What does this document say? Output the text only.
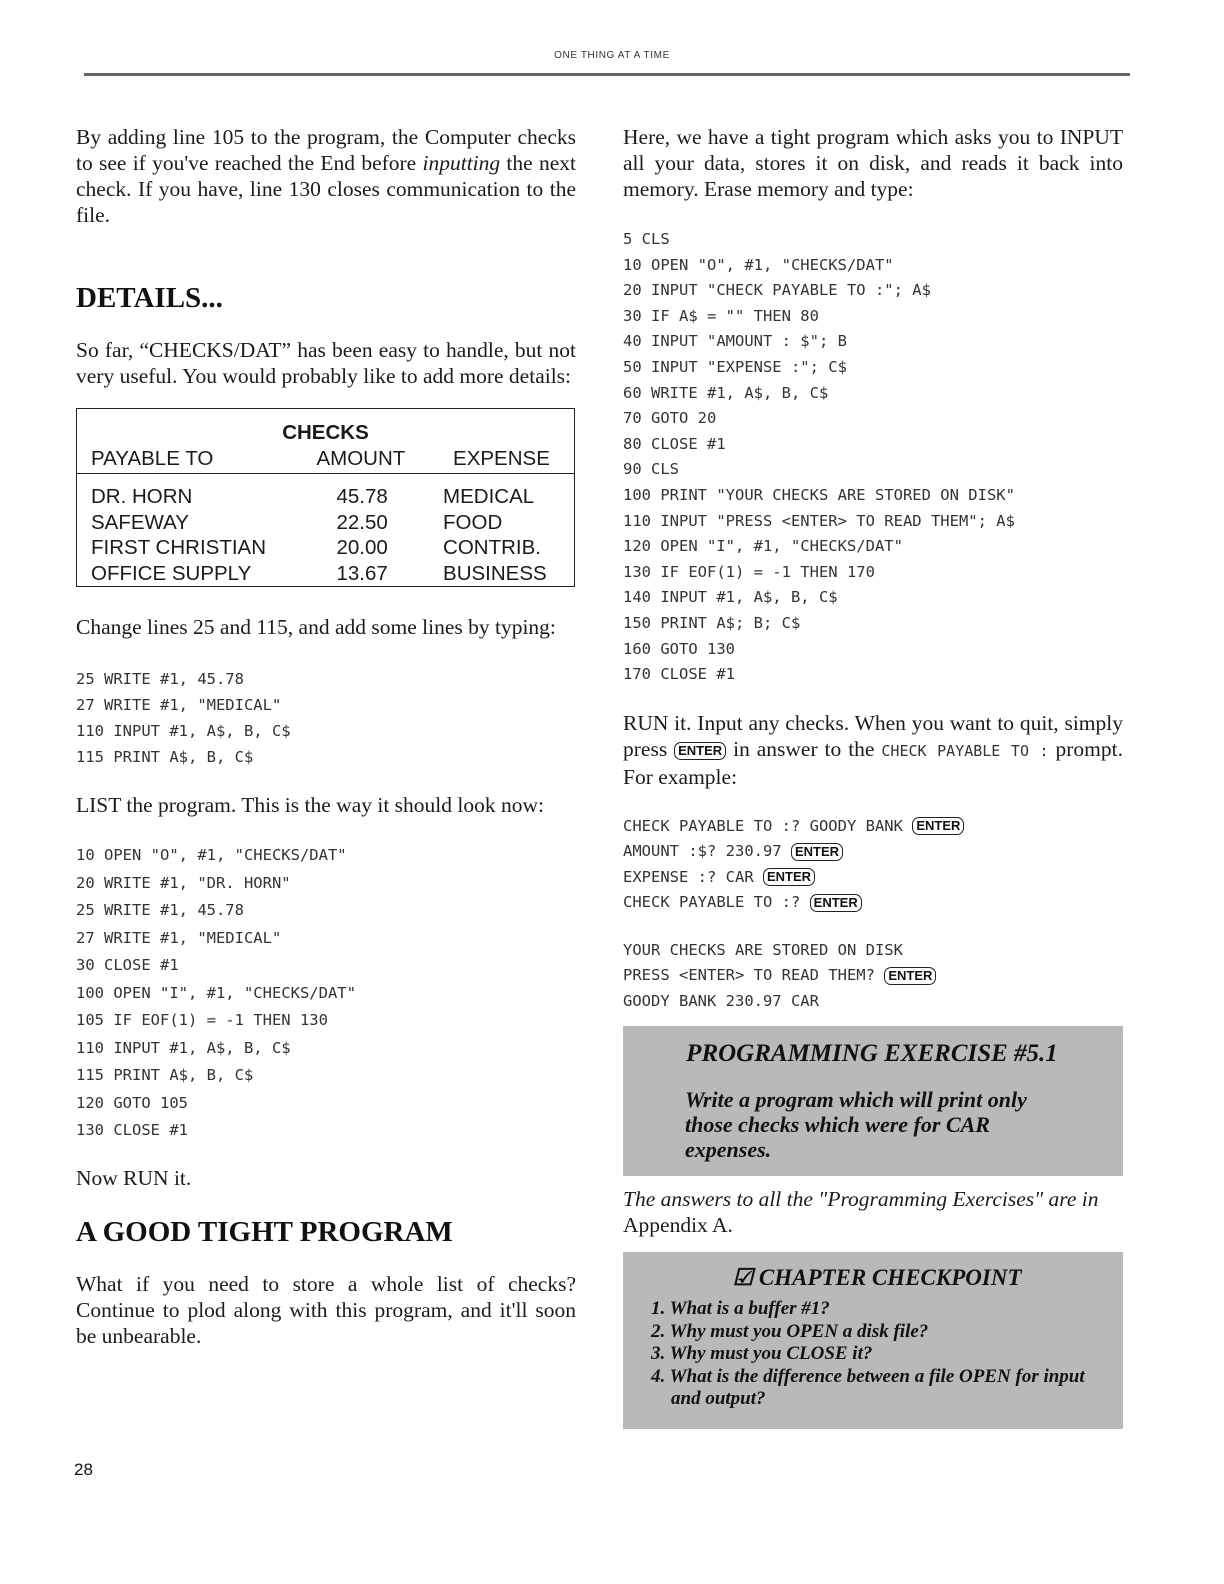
ONE THING AT A TIME

By adding line 105 to the program, the Computer checks to see if you've reached the End before inputting the next check. If you have, line 130 closes communication to the file.

DETAILS...

So far, “CHECKS/DAT” has been easy to handle, but not very useful. You would probably like to add more details:

CHECKS		
PAYABLE TO	AMOUNT	EXPENSE
DR. HORN	45.78	MEDICAL
SAFEWAY	22.50	FOOD
FIRST CHRISTIAN	20.00	CONTRIB.
OFFICE SUPPLY	13.67	BUSINESS

Change lines 25 and 115, and add some lines by typing:

25 WRITE #1, 45.78
27 WRITE #1, "MEDICAL"
110 INPUT #1, A$, B, C$
115 PRINT A$, B, C$

LIST the program. This is the way it should look now:

10 OPEN "O", #1, "CHECKS/DAT"
20 WRITE #1, "DR. HORN"
25 WRITE #1, 45.78
27 WRITE #1, "MEDICAL"
30 CLOSE #1
100 OPEN "I", #1, "CHECKS/DAT"
105 IF EOF(1) = -1 THEN 130
110 INPUT #1, A$, B, C$
115 PRINT A$, B, C$
120 GOTO 105
130 CLOSE #1

Now RUN it.

A GOOD TIGHT PROGRAM

What if you need to store a whole list of checks? Continue to plod along with this program, and it'll soon be unbearable.

Here, we have a tight program which asks you to INPUT all your data, stores it on disk, and reads it back into memory. Erase memory and type:

5 CLS
10 OPEN "O", #1, "CHECKS/DAT"
20 INPUT "CHECK PAYABLE TO :"; A$
30 IF A$ = "" THEN 80
40 INPUT "AMOUNT : $"; B
50 INPUT "EXPENSE :"; C$
60 WRITE #1, A$, B, C$
70 GOTO 20
80 CLOSE #1
90 CLS
100 PRINT "YOUR CHECKS ARE STORED ON DISK"
110 INPUT "PRESS <ENTER> TO READ THEM"; A$
120 OPEN "I", #1, "CHECKS/DAT"
130 IF EOF(1) = -1 THEN 170
140 INPUT #1, A$, B, C$
150 PRINT A$; B; C$
160 GOTO 130
170 CLOSE #1

RUN it. Input any checks. When you want to quit, simply press ENTER in answer to the CHECK PAYABLE TO : prompt. For example:

CHECK PAYABLE TO :? GOODY BANK ENTER
AMOUNT :$? 230.97 ENTER
EXPENSE :? CAR ENTER
CHECK PAYABLE TO :? ENTER
YOUR CHECKS ARE STORED ON DISK
PRESS <ENTER> TO READ THEM? ENTER
GOODY BANK 230.97 CAR
PROGRAMMING EXERCISE #5.1
Write a program which will print only those checks which were for CAR expenses.

The answers to all the "Programming Exercises" are in Appendix A.

☑ CHAPTER CHECKPOINT
1. What is a buffer #1?
2. Why must you OPEN a disk file?
3. Why must you CLOSE it?
4. What is the difference between a file OPEN for input and output?
28
